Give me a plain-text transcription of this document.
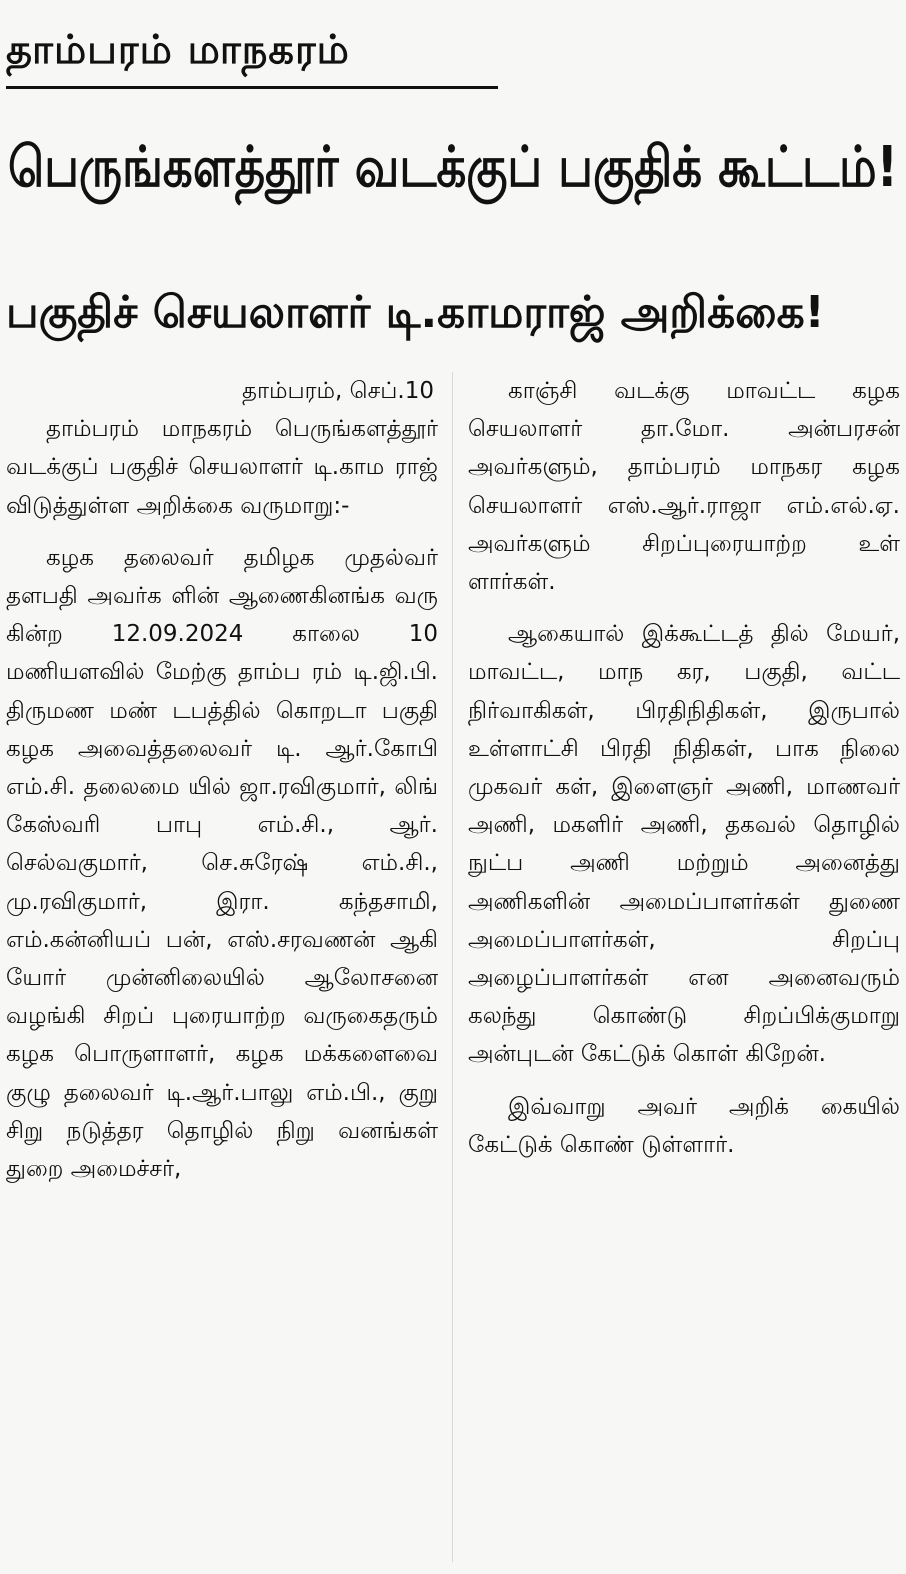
தாம்பரம் மாநகரம்
பெருங்களத்தூர் வடக்குப் பகுதிக் கூட்டம்!
பகுதிச் செயலாளர் டி.காமராஜ் அறிக்கை!

தாம்பரம், செப்.10

தாம்பரம் மாநகரம் பெருங்களத்தூர் வடக்குப் பகுதிச் செயலாளர் டி.காம ராஜ் விடுத்துள்ள அறிக்கை வருமாறு:-

கழக தலைவர் தமிழக முதல்வர் தளபதி அவர்க ளின் ஆணைகினங்க வரு கின்ற 12.09.2024 காலை 10 மணியளவில் மேற்கு தாம்ப ரம் டி.ஜி.பி. திருமண மண் டபத்தில் கொறடா பகுதி கழக அவைத்தலைவர் டி. ஆர்.கோபி எம்.சி. தலைமை யில் ஜா.ரவிகுமார், லிங் கேஸ்வரி பாபு எம்.சி., ஆர். செல்வகுமார், செ.சுரேஷ் எம்.சி., மு.ரவிகுமார், இரா. கந்தசாமி, எம்.கன்னியப் பன், எஸ்.சரவணன் ஆகி யோர் முன்னிலையில் ஆலோசனை வழங்கி சிறப் புரையாற்ற வருகைதரும் கழக பொருளாளர், கழக மக்களைவை குழு தலைவர் டி.ஆர்.பாலு எம்.பி., குறு சிறு நடுத்தர தொழில் நிறு வனங்கள் துறை அமைச்சர்,

காஞ்சி வடக்கு மாவட்ட கழக செயலாளர் தா.மோ. அன்பரசன் அவர்களும், தாம்பரம் மாநகர கழக செயலாளர் எஸ்.ஆர்.ராஜா எம்.எல்.ஏ. அவர்களும் சிறப்புரையாற்ற உள் ளார்கள்.

ஆகையால் இக்கூட்டத் தில் மேயர், மாவட்ட, மாந கர, பகுதி, வட்ட நிர்வாகிகள், பிரதிநிதிகள், இருபால் உள்ளாட்சி பிரதி நிதிகள், பாக நிலை முகவர் கள், இளைஞர் அணி, மாணவர் அணி, மகளிர் அணி, தகவல் தொழில் நுட்ப அணி மற்றும் அனைத்து அணிகளின் அமைப்பாளர்கள் துணை அமைப்பாளர்கள், சிறப்பு அழைப்பாளர்கள் என அனைவரும் கலந்து கொண்டு சிறப்பிக்குமாறு அன்புடன் கேட்டுக் கொள் கிறேன்.

இவ்வாறு அவர் அறிக் கையில் கேட்டுக் கொண் டுள்ளார்.
